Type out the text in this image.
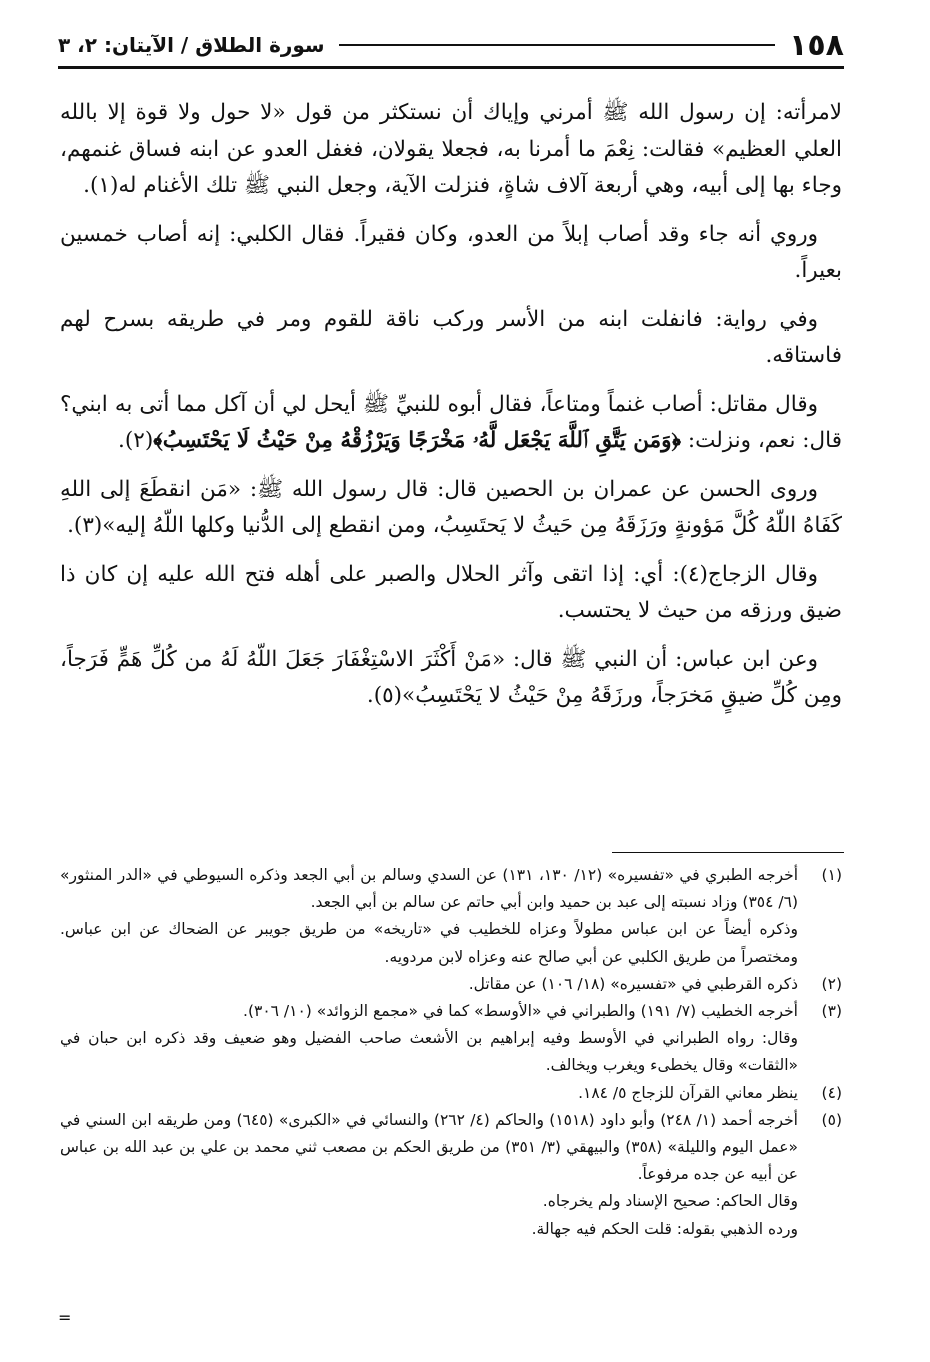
١٥٨
سورة الطلاق / الآيتان: ٢، ٣

لامرأته: إن رسول الله ﷺ أمرني وإياك أن نستكثر من قول «لا حول ولا قوة إلا بالله العلي العظيم» فقالت: نِعْمَ ما أمرنا به، فجعلا يقولان، فغفل العدو عن ابنه فساق غنمهم، وجاء بها إلى أبيه، وهي أربعة آلاف شاةٍ، فنزلت الآية، وجعل النبي ﷺ تلك الأغنام له(١).

وروي أنه جاء وقد أصاب إبلاً من العدو، وكان فقيراً. فقال الكلبي: إنه أصاب خمسين بعيراً.

وفي رواية: فانفلت ابنه من الأسر وركب ناقة للقوم ومر في طريقه بسرح لهم فاستاقه.

وقال مقاتل: أصاب غنماً ومتاعاً، فقال أبوه للنبيِّ ﷺ أيحل لي أن آكل مما أتى به ابني؟ قال: نعم، ونزلت: ﴿وَمَن يَتَّقِ ٱللَّهَ يَجْعَل لَّهُۥ مَخْرَجًا وَيَرْزُقْهُ مِنْ حَيْثُ لَا يَحْتَسِبُ﴾(٢).

وروى الحسن عن عمران بن الحصين قال: قال رسول الله ﷺ: «مَن انقطَعَ إلى اللهِ كَفَاهُ اللّهُ كُلَّ مَؤونةٍ ورَزَقَهُ مِن حَيثُ لا يَحتَسِبُ، ومن انقطع إلى الدُّنيا وكلها اللّهُ إليه»(٣).

وقال الزجاج(٤): أي: إذا اتقى وآثر الحلال والصبر على أهله فتح الله عليه إن كان ذا ضيق ورزقه من حيث لا يحتسب.

وعن ابن عباس: أن النبي ﷺ قال: «مَنْ أَكْثَرَ الاسْتِغْفَارَ جَعَلَ اللّهُ لَهُ من كُلِّ هَمٍّ فَرَجاً، ومِن كُلِّ ضيقٍ مَخرَجاً، ورزَقَهُ مِنْ حَيْثُ لا يَحْتَسِبُ»(٥).

(١)
أخرجه الطبري في «تفسيره» (١٢/ ١٣٠، ١٣١) عن السدي وسالم بن أبي الجعد وذكره السيوطي في «الدر المنثور» (٦/ ٣٥٤) وزاد نسبته إلى عبد بن حميد وابن أبي حاتم عن سالم بن أبي الجعد.
وذكره أيضاً عن ابن عباس مطولاً وعزاه للخطيب في «تاريخه» من طريق جويبر عن الضحاك عن ابن عباس. ومختصراً من طريق الكلبي عن أبي صالح عنه وعزاه لابن مردويه.
(٢)
ذكره القرطبي في «تفسيره» (١٨/ ١٠٦) عن مقاتل.
(٣)
أخرجه الخطيب (٧/ ١٩١) والطبراني في «الأوسط» كما في «مجمع الزوائد» (١٠/ ٣٠٦).
وقال: رواه الطبراني في الأوسط وفيه إبراهيم بن الأشعث صاحب الفضيل وهو ضعيف وقد ذكره ابن حبان في «الثقات» وقال يخطىء ويغرب ويخالف.
(٤)
ينظر معاني القرآن للزجاج ٥/ ١٨٤.
(٥)
أخرجه أحمد (١/ ٢٤٨) وأبو داود (١٥١٨) والحاكم (٤/ ٢٦٢) والنسائي في «الكبرى» (٦٤٥) ومن طريقه ابن السني في «عمل اليوم والليلة» (٣٥٨) والبيهقي (٣/ ٣٥١) من طريق الحكم بن مصعب ثني محمد بن علي بن عبد الله بن عباس عن أبيه عن جده مرفوعاً.
وقال الحاكم: صحيح الإسناد ولم يخرجاه.
ورده الذهبي بقوله: قلت الحكم فيه جهالة.
=
